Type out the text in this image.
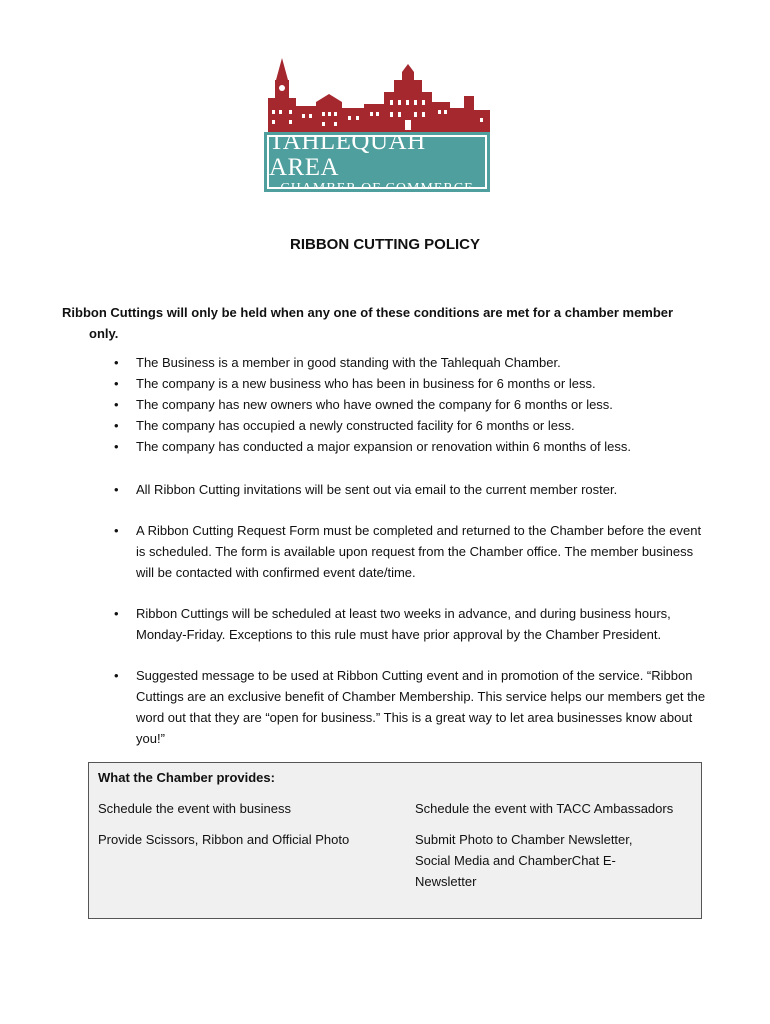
TAHLEQUAH AREA
CHAMBER OF COMMERCE
RIBBON CUTTING POLICY
Ribbon Cuttings will only be held when any one of these conditions are met for a chamber member
only.
• The Business is a member in good standing with the Tahlequah Chamber.
• The company is a new business who has been in business for 6 months or less.
• The company has new owners who have owned the company for 6 months or less.
• The company has occupied a newly constructed facility for 6 months or less.
• The company has conducted a major expansion or renovation within 6 months of less.
• All Ribbon Cutting invitations will be sent out via email to the current member roster.
• A Ribbon Cutting Request Form must be completed and returned to the Chamber before the event is scheduled. The form is available upon request from the Chamber office. The member business will be contacted with confirmed event date/time.
• Ribbon Cuttings will be scheduled at least two weeks in advance, and during business hours, Monday-Friday. Exceptions to this rule must have prior approval by the Chamber President.
• Suggested message to be used at Ribbon Cutting event and in promotion of the service. “Ribbon Cuttings are an exclusive benefit of Chamber Membership. This service helps our members get the word out that they are “open for business.” This is a great way to let area businesses know about you!”
What the Chamber provides:
Schedule the event with business	Schedule the event with TACC Ambassadors
Provide Scissors, Ribbon and Official Photo	Submit Photo to Chamber Newsletter, Social Media and ChamberChat E-Newsletter
